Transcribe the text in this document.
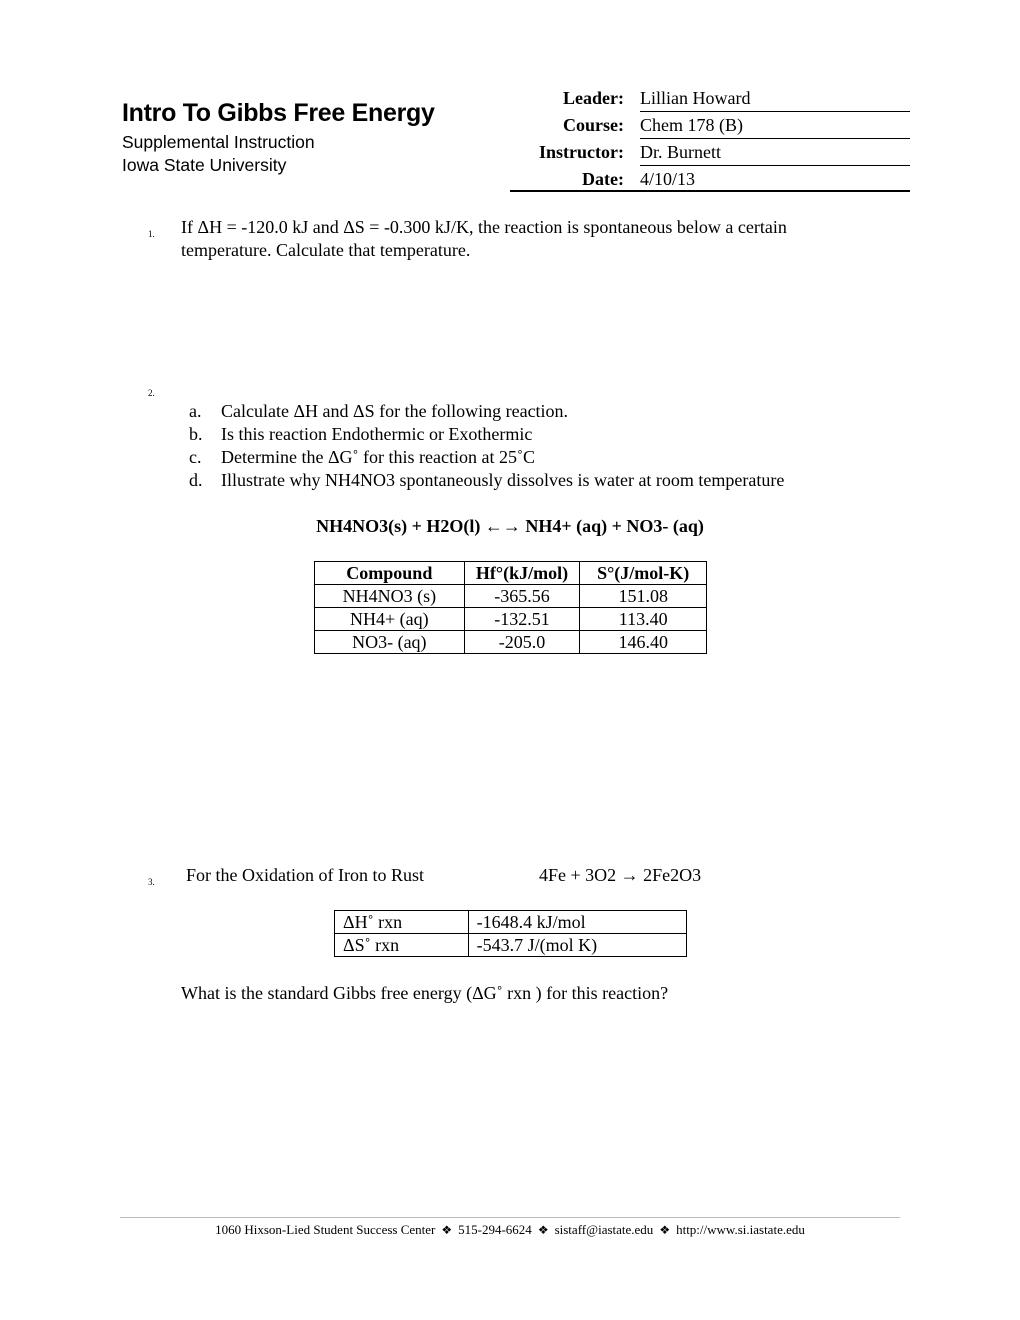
Intro To Gibbs Free Energy
Supplemental Instruction
Iowa State University
Leader: Lillian Howard
Course: Chem 178 (B)
Instructor: Dr. Burnett
Date: 4/10/13
1. If ΔH = -120.0 kJ and ΔS = -0.300 kJ/K, the reaction is spontaneous below a certain
temperature. Calculate that temperature.
2.
a. Calculate ΔH and ΔS for the following reaction.
b. Is this reaction Endothermic or Exothermic
c. Determine the ΔG˚ for this reaction at 25˚C
d. Illustrate why NH4NO3 spontaneously dissolves is water at room temperature
NH4NO3(s) + H2O(l) ←→ NH4+ (aq) + NO3- (aq)
Compound	Hf°(kJ/mol)	S°(J/mol-K)
NH4NO3 (s)	-365.56	151.08
NH4+ (aq)	-132.51	113.40
NO3- (aq)	-205.0	146.40
3. For the Oxidation of Iron to Rust	4Fe + 3O2 → 2Fe2O3
ΔH˚ rxn	-1648.4 kJ/mol
ΔS˚ rxn	-543.7 J/(mol K)
What is the standard Gibbs free energy (ΔG˚ rxn ) for this reaction?
1060 Hixson-Lied Student Success Center ❖ 515-294-6624 ❖ sistaff@iastate.edu ❖ http://www.si.iastate.edu
